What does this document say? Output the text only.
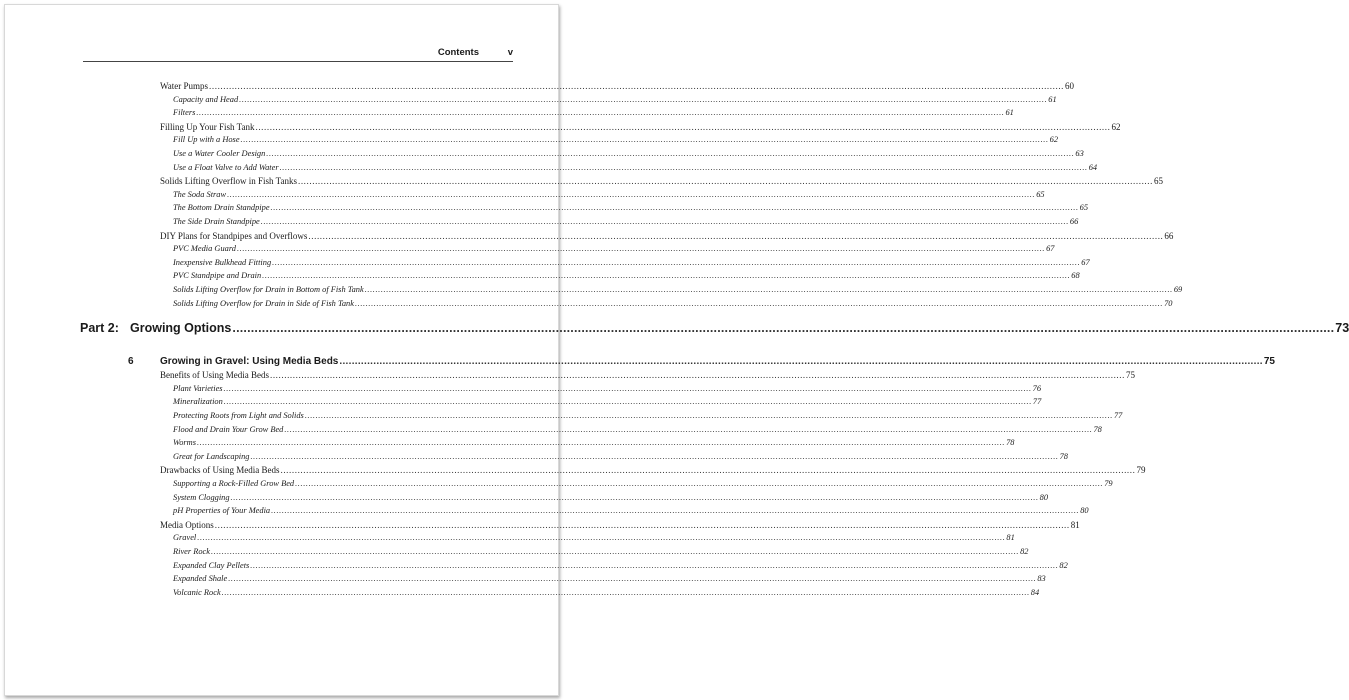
Contents	v
Water Pumps ............................................................................................................................................................................................................................................................................................................ 60
Capacity and Head ............................................................................................................................................................................................................................................................................................................ 61
Filters ............................................................................................................................................................................................................................................................................................................ 61
Filling Up Your Fish Tank ............................................................................................................................................................................................................................................................................................................ 62
Fill Up with a Hose ............................................................................................................................................................................................................................................................................................................ 62
Use a Water Cooler Design ............................................................................................................................................................................................................................................................................................................ 63
Use a Float Valve to Add Water ............................................................................................................................................................................................................................................................................................................ 64
Solids Lifting Overflow in Fish Tanks ............................................................................................................................................................................................................................................................................................................ 65
The Soda Straw ............................................................................................................................................................................................................................................................................................................ 65
The Bottom Drain Standpipe ............................................................................................................................................................................................................................................................................................................ 65
The Side Drain Standpipe ............................................................................................................................................................................................................................................................................................................ 66
DIY Plans for Standpipes and Overflows ............................................................................................................................................................................................................................................................................................................ 66
PVC Media Guard ............................................................................................................................................................................................................................................................................................................ 67
Inexpensive Bulkhead Fitting ............................................................................................................................................................................................................................................................................................................ 67
PVC Standpipe and Drain ............................................................................................................................................................................................................................................................................................................ 68
Solids Lifting Overflow for Drain in Bottom of Fish Tank ............................................................................................................................................................................................................................................................................................................ 69
Solids Lifting Overflow for Drain in Side of Fish Tank ............................................................................................................................................................................................................................................................................................................ 70
Part 2: Growing Options ............................................................................................................................................................................................................................................................................................................ 73
6	Growing in Gravel: Using Media Beds ............................................................................................................................................................................................................................................................................................................ 75
Benefits of Using Media Beds ............................................................................................................................................................................................................................................................................................................ 75
Plant Varieties ............................................................................................................................................................................................................................................................................................................ 76
Mineralization ............................................................................................................................................................................................................................................................................................................ 77
Protecting Roots from Light and Solids ............................................................................................................................................................................................................................................................................................................ 77
Flood and Drain Your Grow Bed ............................................................................................................................................................................................................................................................................................................ 78
Worms ............................................................................................................................................................................................................................................................................................................ 78
Great for Landscaping ............................................................................................................................................................................................................................................................................................................ 78
Drawbacks of Using Media Beds ............................................................................................................................................................................................................................................................................................................ 79
Supporting a Rock-Filled Grow Bed ............................................................................................................................................................................................................................................................................................................ 79
System Clogging ............................................................................................................................................................................................................................................................................................................ 80
pH Properties of Your Media ............................................................................................................................................................................................................................................................................................................ 80
Media Options ............................................................................................................................................................................................................................................................................................................ 81
Gravel ............................................................................................................................................................................................................................................................................................................ 81
River Rock ............................................................................................................................................................................................................................................................................................................ 82
Expanded Clay Pellets ............................................................................................................................................................................................................................................................................................................ 82
Expanded Shale ............................................................................................................................................................................................................................................................................................................ 83
Volcanic Rock ............................................................................................................................................................................................................................................................................................................ 84
